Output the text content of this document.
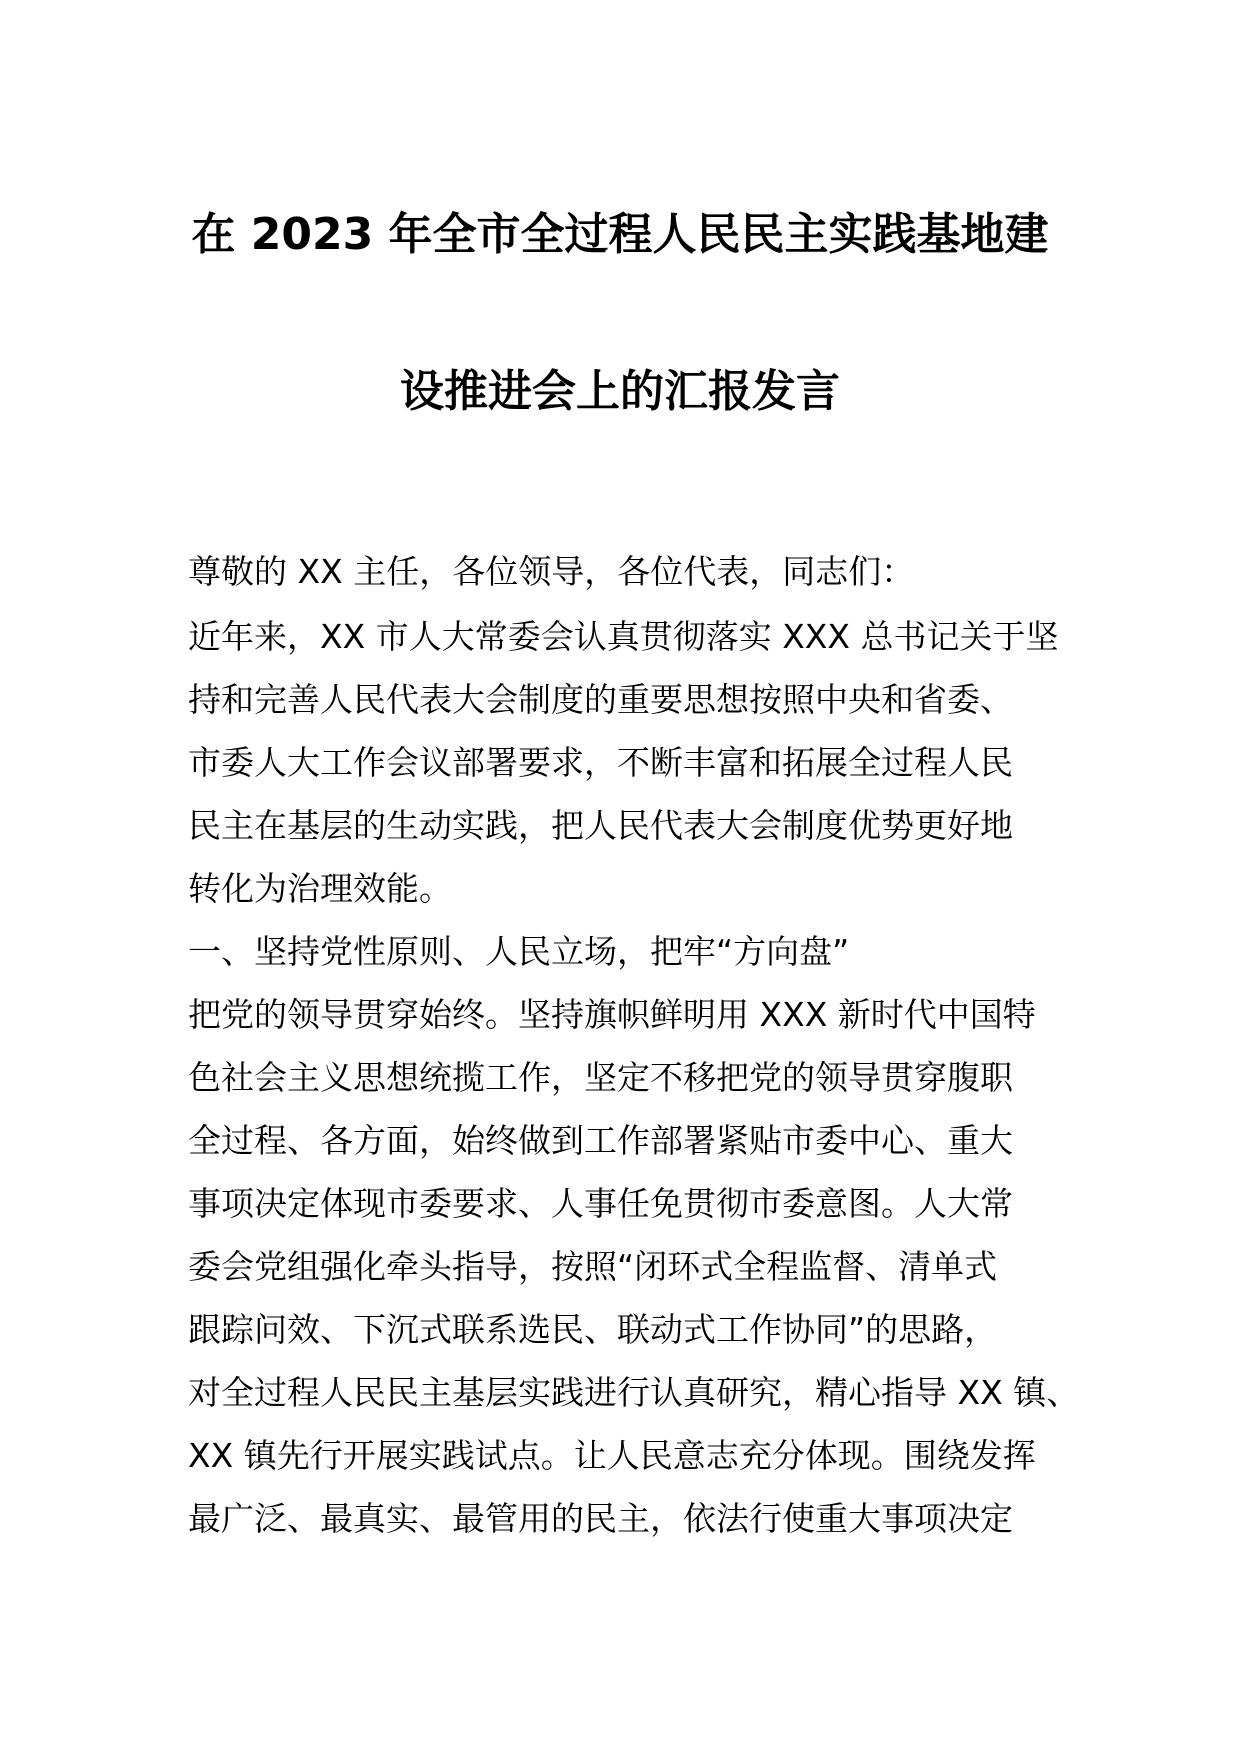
在 2023 年全市全过程人民民主实践基地建
设推进会上的汇报发言
尊敬的 XX 主任，各位领导，各位代表，同志们：
近年来，XX 市人大常委会认真贯彻落实 XXX 总书记关于坚
持和完善人民代表大会制度的重要思想按照中央和省委、
市委人大工作会议部署要求，不断丰富和拓展全过程人民
民主在基层的生动实践，把人民代表大会制度优势更好地
转化为治理效能。
一、坚持党性原则、人民立场，把牢“方向盘”
把党的领导贯穿始终。坚持旗帜鲜明用 XXX 新时代中国特
色社会主义思想统揽工作，坚定不移把党的领导贯穿腹职
全过程、各方面，始终做到工作部署紧贴市委中心、重大
事项决定体现市委要求、人事任免贯彻市委意图。人大常
委会党组强化牵头指导，按照“闭环式全程监督、清单式
跟踪问效、下沉式联系选民、联动式工作协同”的思路，
对全过程人民民主基层实践进行认真研究，精心指导 XX 镇、
XX 镇先行开展实践试点。让人民意志充分体现。围绕发挥
最广泛、最真实、最管用的民主，依法行使重大事项决定
